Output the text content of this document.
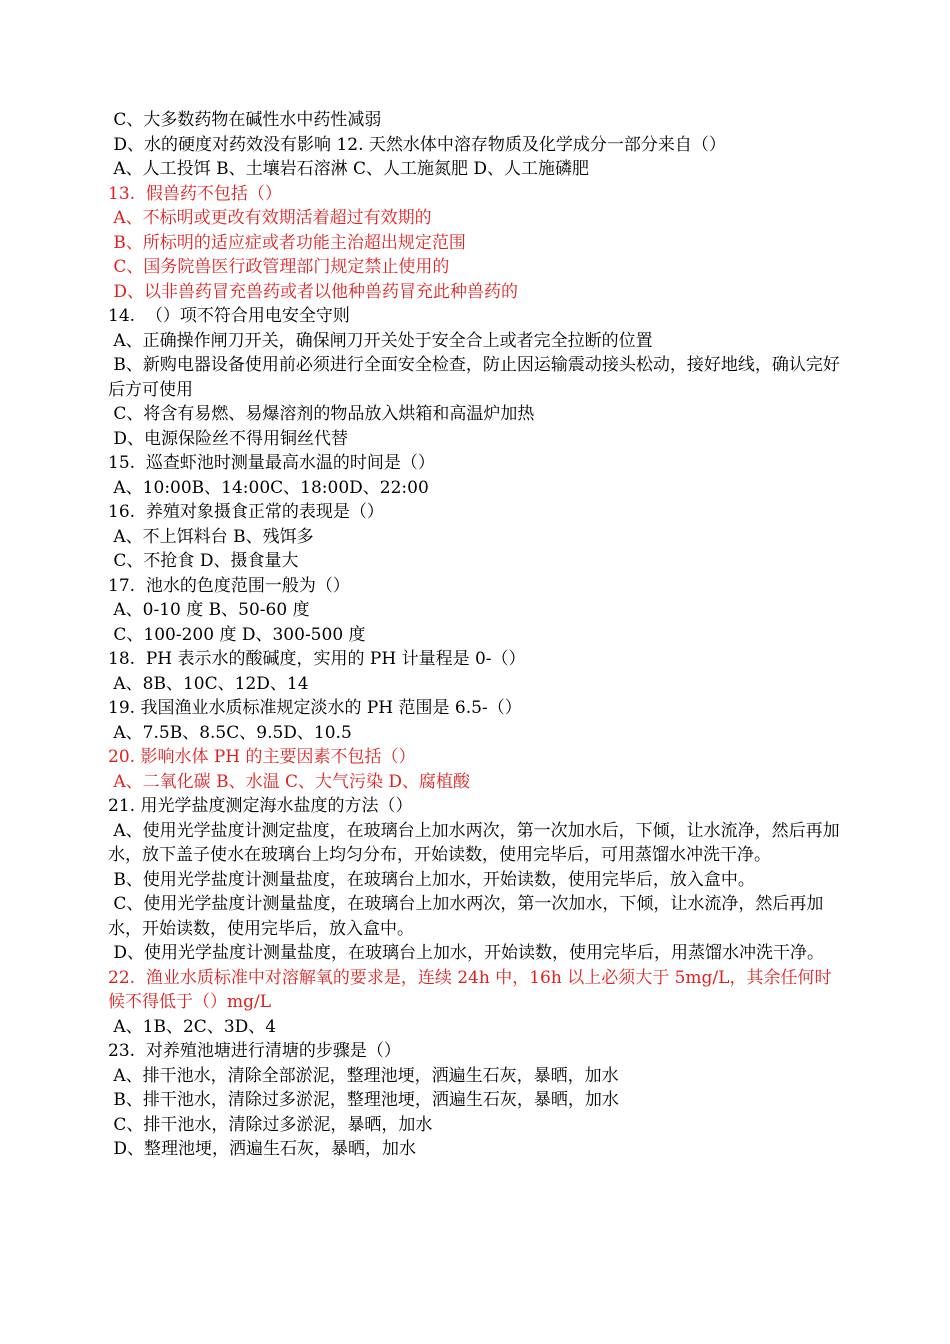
C、大多数药物在碱性水中药性减弱

D、水的硬度对药效没有影响 12. 天然水体中溶存物质及化学成分一部分来自（）

A、人工投饵 B、土壤岩石溶淋 C、人工施氮肥 D、人工施磷肥

13.  假兽药不包括（）

A、不标明或更改有效期活着超过有效期的

B、所标明的适应症或者功能主治超出规定范围

C、国务院兽医行政管理部门规定禁止使用的

D、以非兽药冒充兽药或者以他种兽药冒充此种兽药的

14.  （）项不符合用电安全守则

A、正确操作闸刀开关，确保闸刀开关处于安全合上或者完全拉断的位置

B、新购电器设备使用前必须进行全面安全检查，防止因运输震动接头松动，接好地线，确认完好后方可使用

C、将含有易燃、易爆溶剂的物品放入烘箱和高温炉加热

D、电源保险丝不得用铜丝代替

15.  巡查虾池时测量最高水温的时间是（）

A、10:00B、14:00C、18:00D、22:00

16.  养殖对象摄食正常的表现是（）

A、不上饵料台 B、残饵多

C、不抢食 D、摄食量大

17.  池水的色度范围一般为（）

A、0-10 度 B、50-60 度

C、100-200 度 D、300-500 度

18.  PH 表示水的酸碱度，实用的 PH 计量程是 0-（）

A、8B、10C、12D、14

19. 我国渔业水质标准规定淡水的 PH 范围是 6.5-（）

A、7.5B、8.5C、9.5D、10.5

20. 影响水体 PH 的主要因素不包括（）

A、二氧化碳 B、水温 C、大气污染 D、腐植酸

21. 用光学盐度测定海水盐度的方法（）

A、使用光学盐度计测定盐度，在玻璃台上加水两次，第一次加水后，下倾，让水流净，然后再加水，放下盖子使水在玻璃台上均匀分布，开始读数，使用完毕后，可用蒸馏水冲洗干净。

B、使用光学盐度计测量盐度，在玻璃台上加水，开始读数，使用完毕后，放入盒中。

C、使用光学盐度计测量盐度，在玻璃台上加水两次，第一次加水，下倾，让水流净，然后再加水，开始读数，使用完毕后，放入盒中。

D、使用光学盐度计测量盐度，在玻璃台上加水，开始读数，使用完毕后，用蒸馏水冲洗干净。

22.  渔业水质标准中对溶解氧的要求是，连续 24h 中，16h 以上必须大于 5mg/L，其余任何时候不得低于（）mg/L

A、1B、2C、3D、4

23.  对养殖池塘进行清塘的步骤是（）

A、排干池水，清除全部淤泥，整理池埂，洒遍生石灰，暴晒，加水

B、排干池水，清除过多淤泥，整理池埂，洒遍生石灰，暴晒，加水

C、排干池水，清除过多淤泥，暴晒，加水

D、整理池埂，洒遍生石灰，暴晒，加水
